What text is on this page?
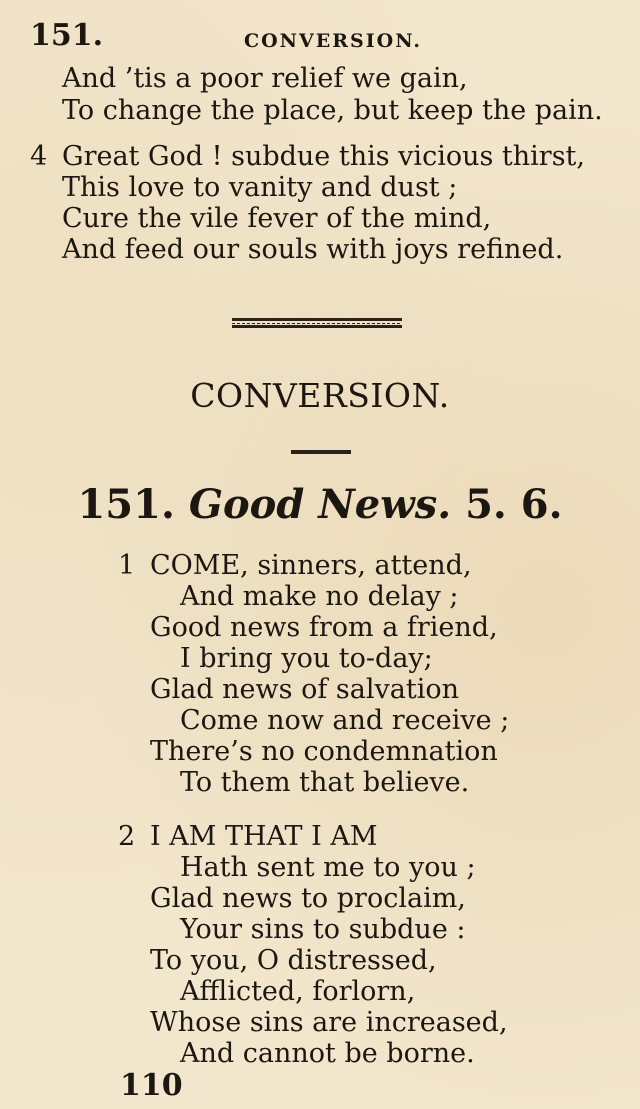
151.	CONVERSION.
And ’tis a poor relief we gain,
To change the place, but keep the pain.
4 Great God ! subdue this vicious thirst,
This love to vanity and dust ;
Cure the vile fever of the mind,
And feed our souls with joys refined.
CONVERSION.
151. Good News. 5. 6.
1 COME, sinners, attend,
And make no delay ;
Good news from a friend,
I bring you to-day;
Glad news of salvation
Come now and receive ;
There’s no condemnation
To them that believe.
2 I AM THAT I AM
Hath sent me to you ;
Glad news to proclaim,
Your sins to subdue :
To you, O distressed,
Afflicted, forlorn,
Whose sins are increased,
And cannot be borne.
110
